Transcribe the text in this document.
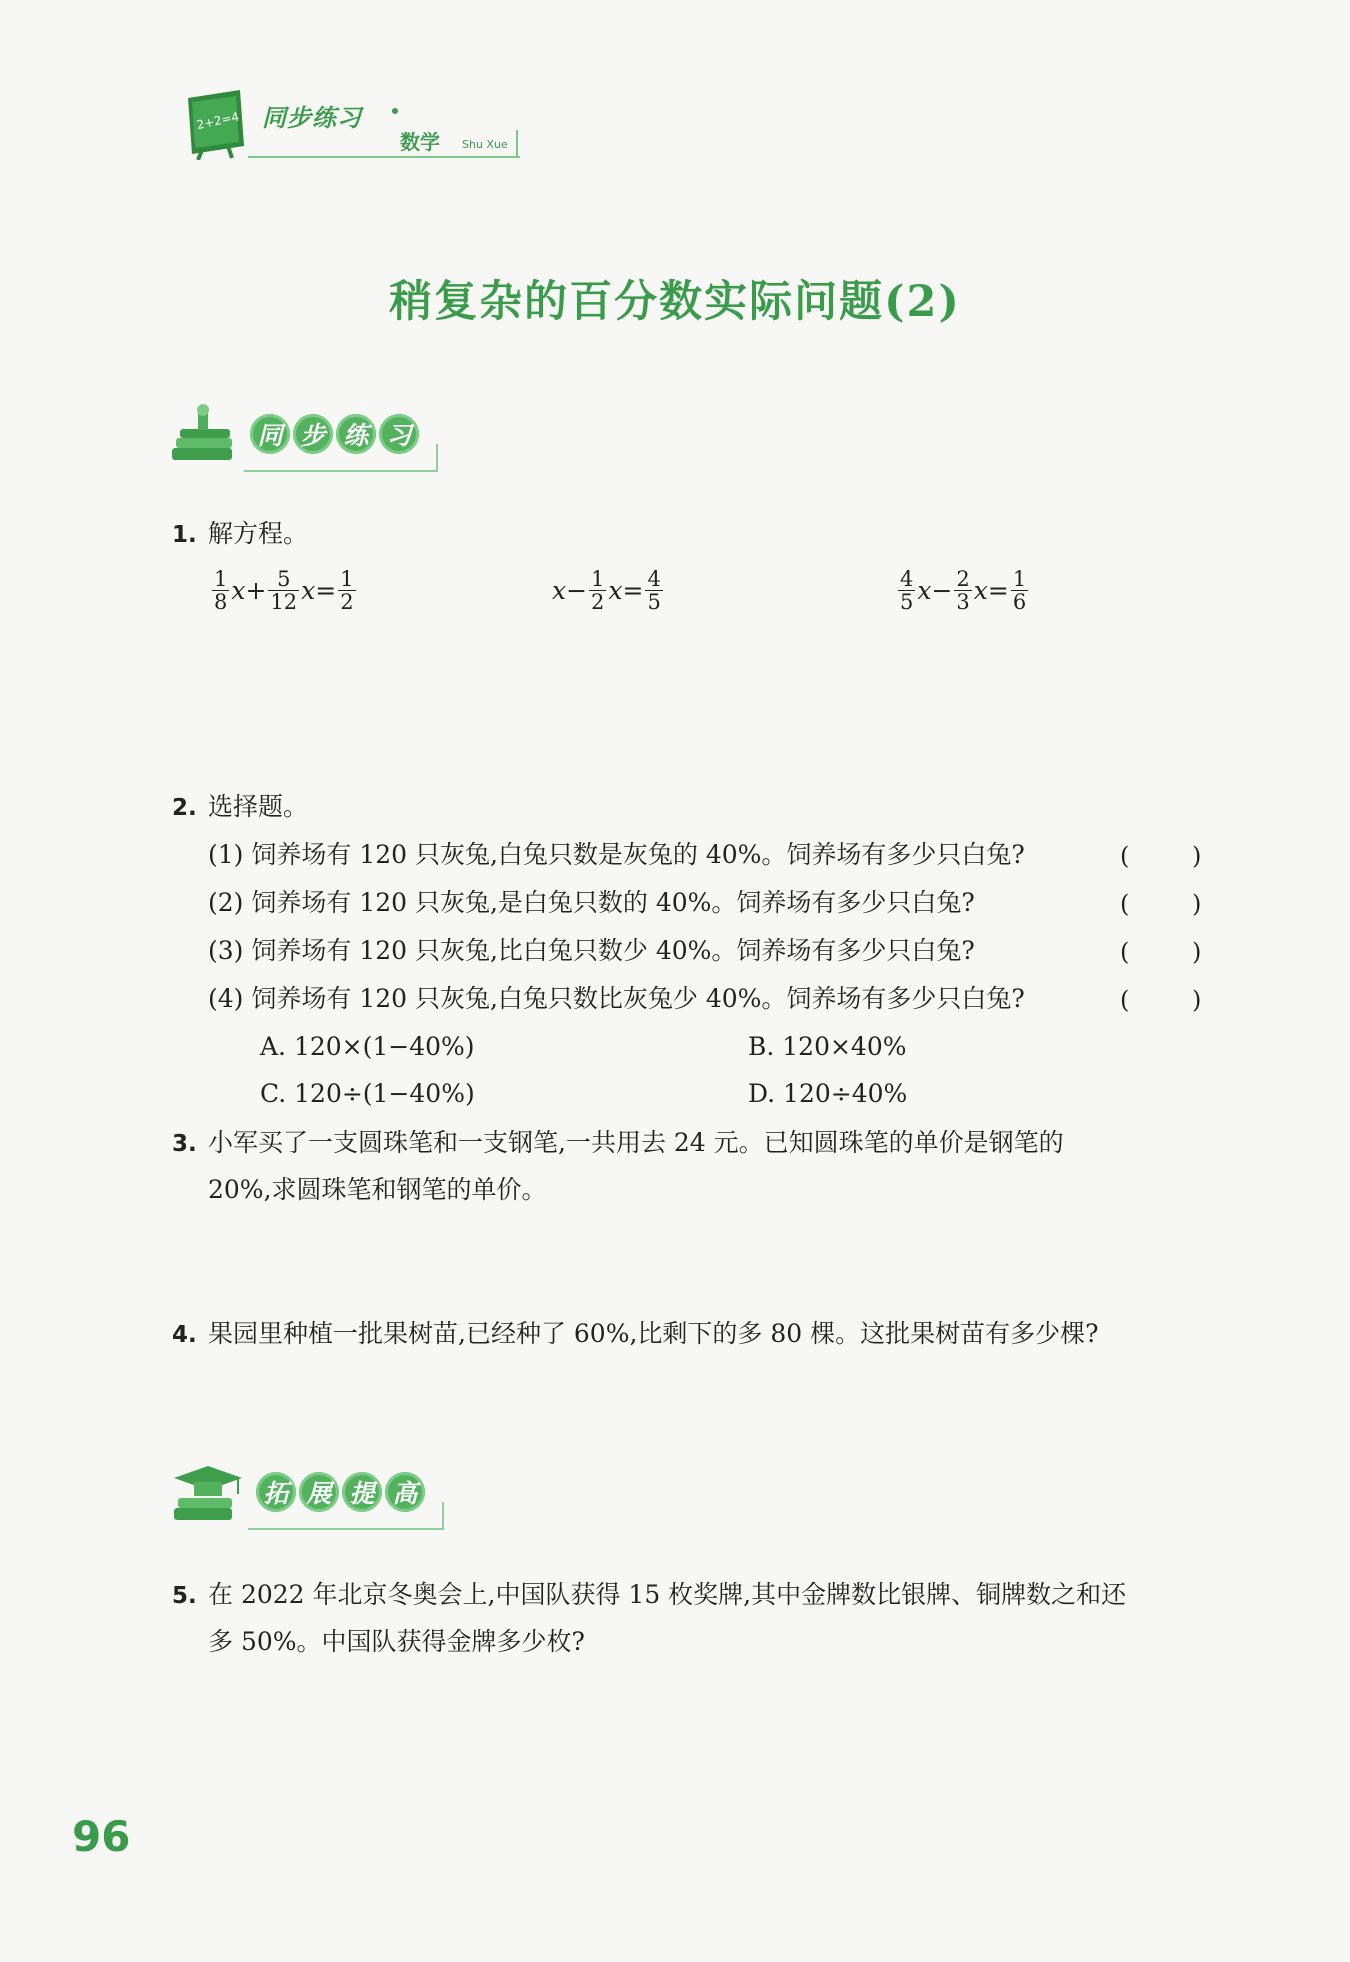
2+2=4 同步练习
数学 Shu Xue
稍复杂的百分数实际问题(2)
同 步 练 习
1. 解方程。
$\frac{1}{8} x+ \frac{5}{12} x= \frac{1}{2}$	$x- \frac{1}{2} x= \frac{4}{5}$	$\frac{4}{5} x- \frac{2}{3} x= \frac{1}{6}$
2. 选择题。
(1) 饲养场有 120 只灰兔,白兔只数是灰兔的 40%。饲养场有多少只白兔?	(	)
(2) 饲养场有 120 只灰兔,是白兔只数的 40%。饲养场有多少只白兔?	(	)
(3) 饲养场有 120 只灰兔,比白兔只数少 40%。饲养场有多少只白兔?	(	)
(4) 饲养场有 120 只灰兔,白兔只数比灰兔少 40%。饲养场有多少只白兔?	(	)
A. 120×(1−40%)	B. 120×40%
C. 120÷(1−40%)	D. 120÷40%
3. 小军买了一支圆珠笔和一支钢笔,一共用去 24 元。已知圆珠笔的单价是钢笔的
20%,求圆珠笔和钢笔的单价。
4. 果园里种植一批果树苗,已经种了 60%,比剩下的多 80 棵。这批果树苗有多少棵?
拓 展 提 高
5. 在 2022 年北京冬奥会上,中国队获得 15 枚奖牌,其中金牌数比银牌、铜牌数之和还
多 50%。中国队获得金牌多少枚?
96
